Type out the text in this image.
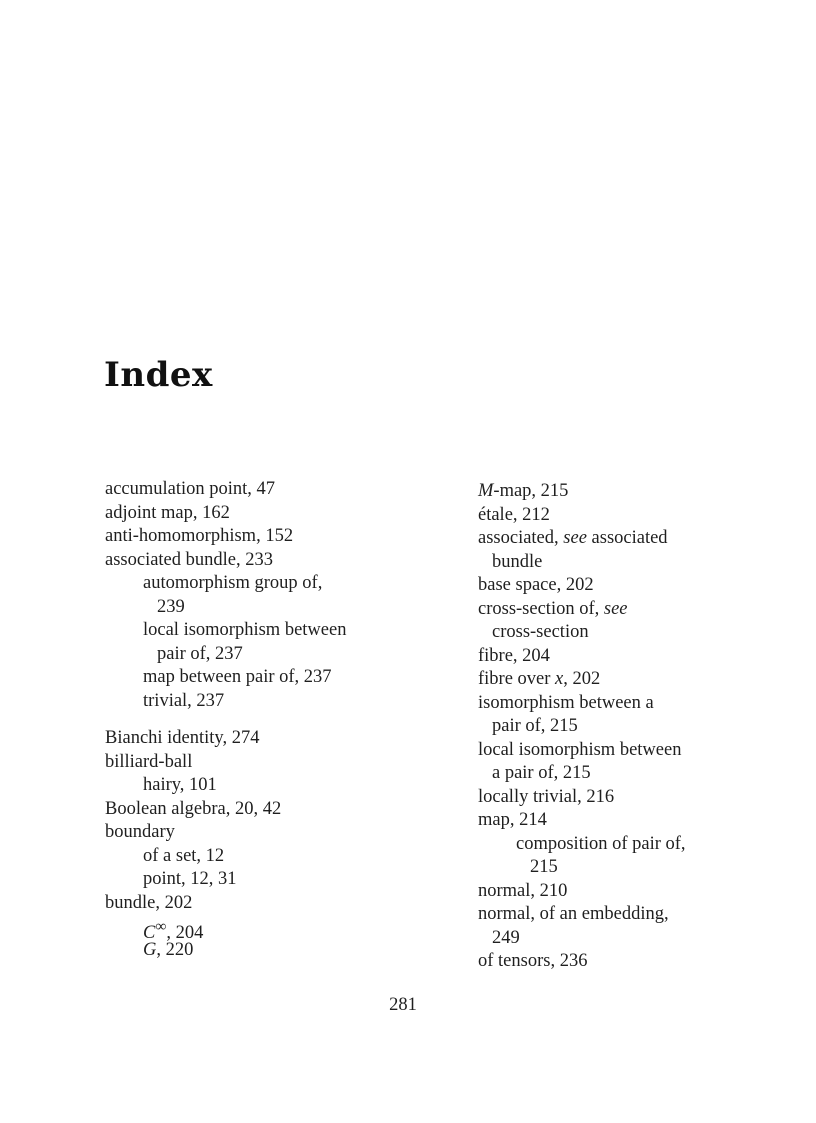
Index
accumulation point, 47
adjoint map, 162
anti-homomorphism, 152
associated bundle, 233
automorphism group of,
239
local isomorphism between
pair of, 237
map between pair of, 237
trivial, 237
Bianchi identity, 274
billiard-ball
hairy, 101
Boolean algebra, 20, 42
boundary
of a set, 12
point, 12, 31
bundle, 202
C∞, 204
G, 220
M-map, 215
étale, 212
associated, see associated
bundle
base space, 202
cross-section of, see
cross-section
fibre, 204
fibre over x, 202
isomorphism between a
pair of, 215
local isomorphism between
a pair of, 215
locally trivial, 216
map, 214
composition of pair of,
215
normal, 210
normal, of an embedding,
249
of tensors, 236
281
